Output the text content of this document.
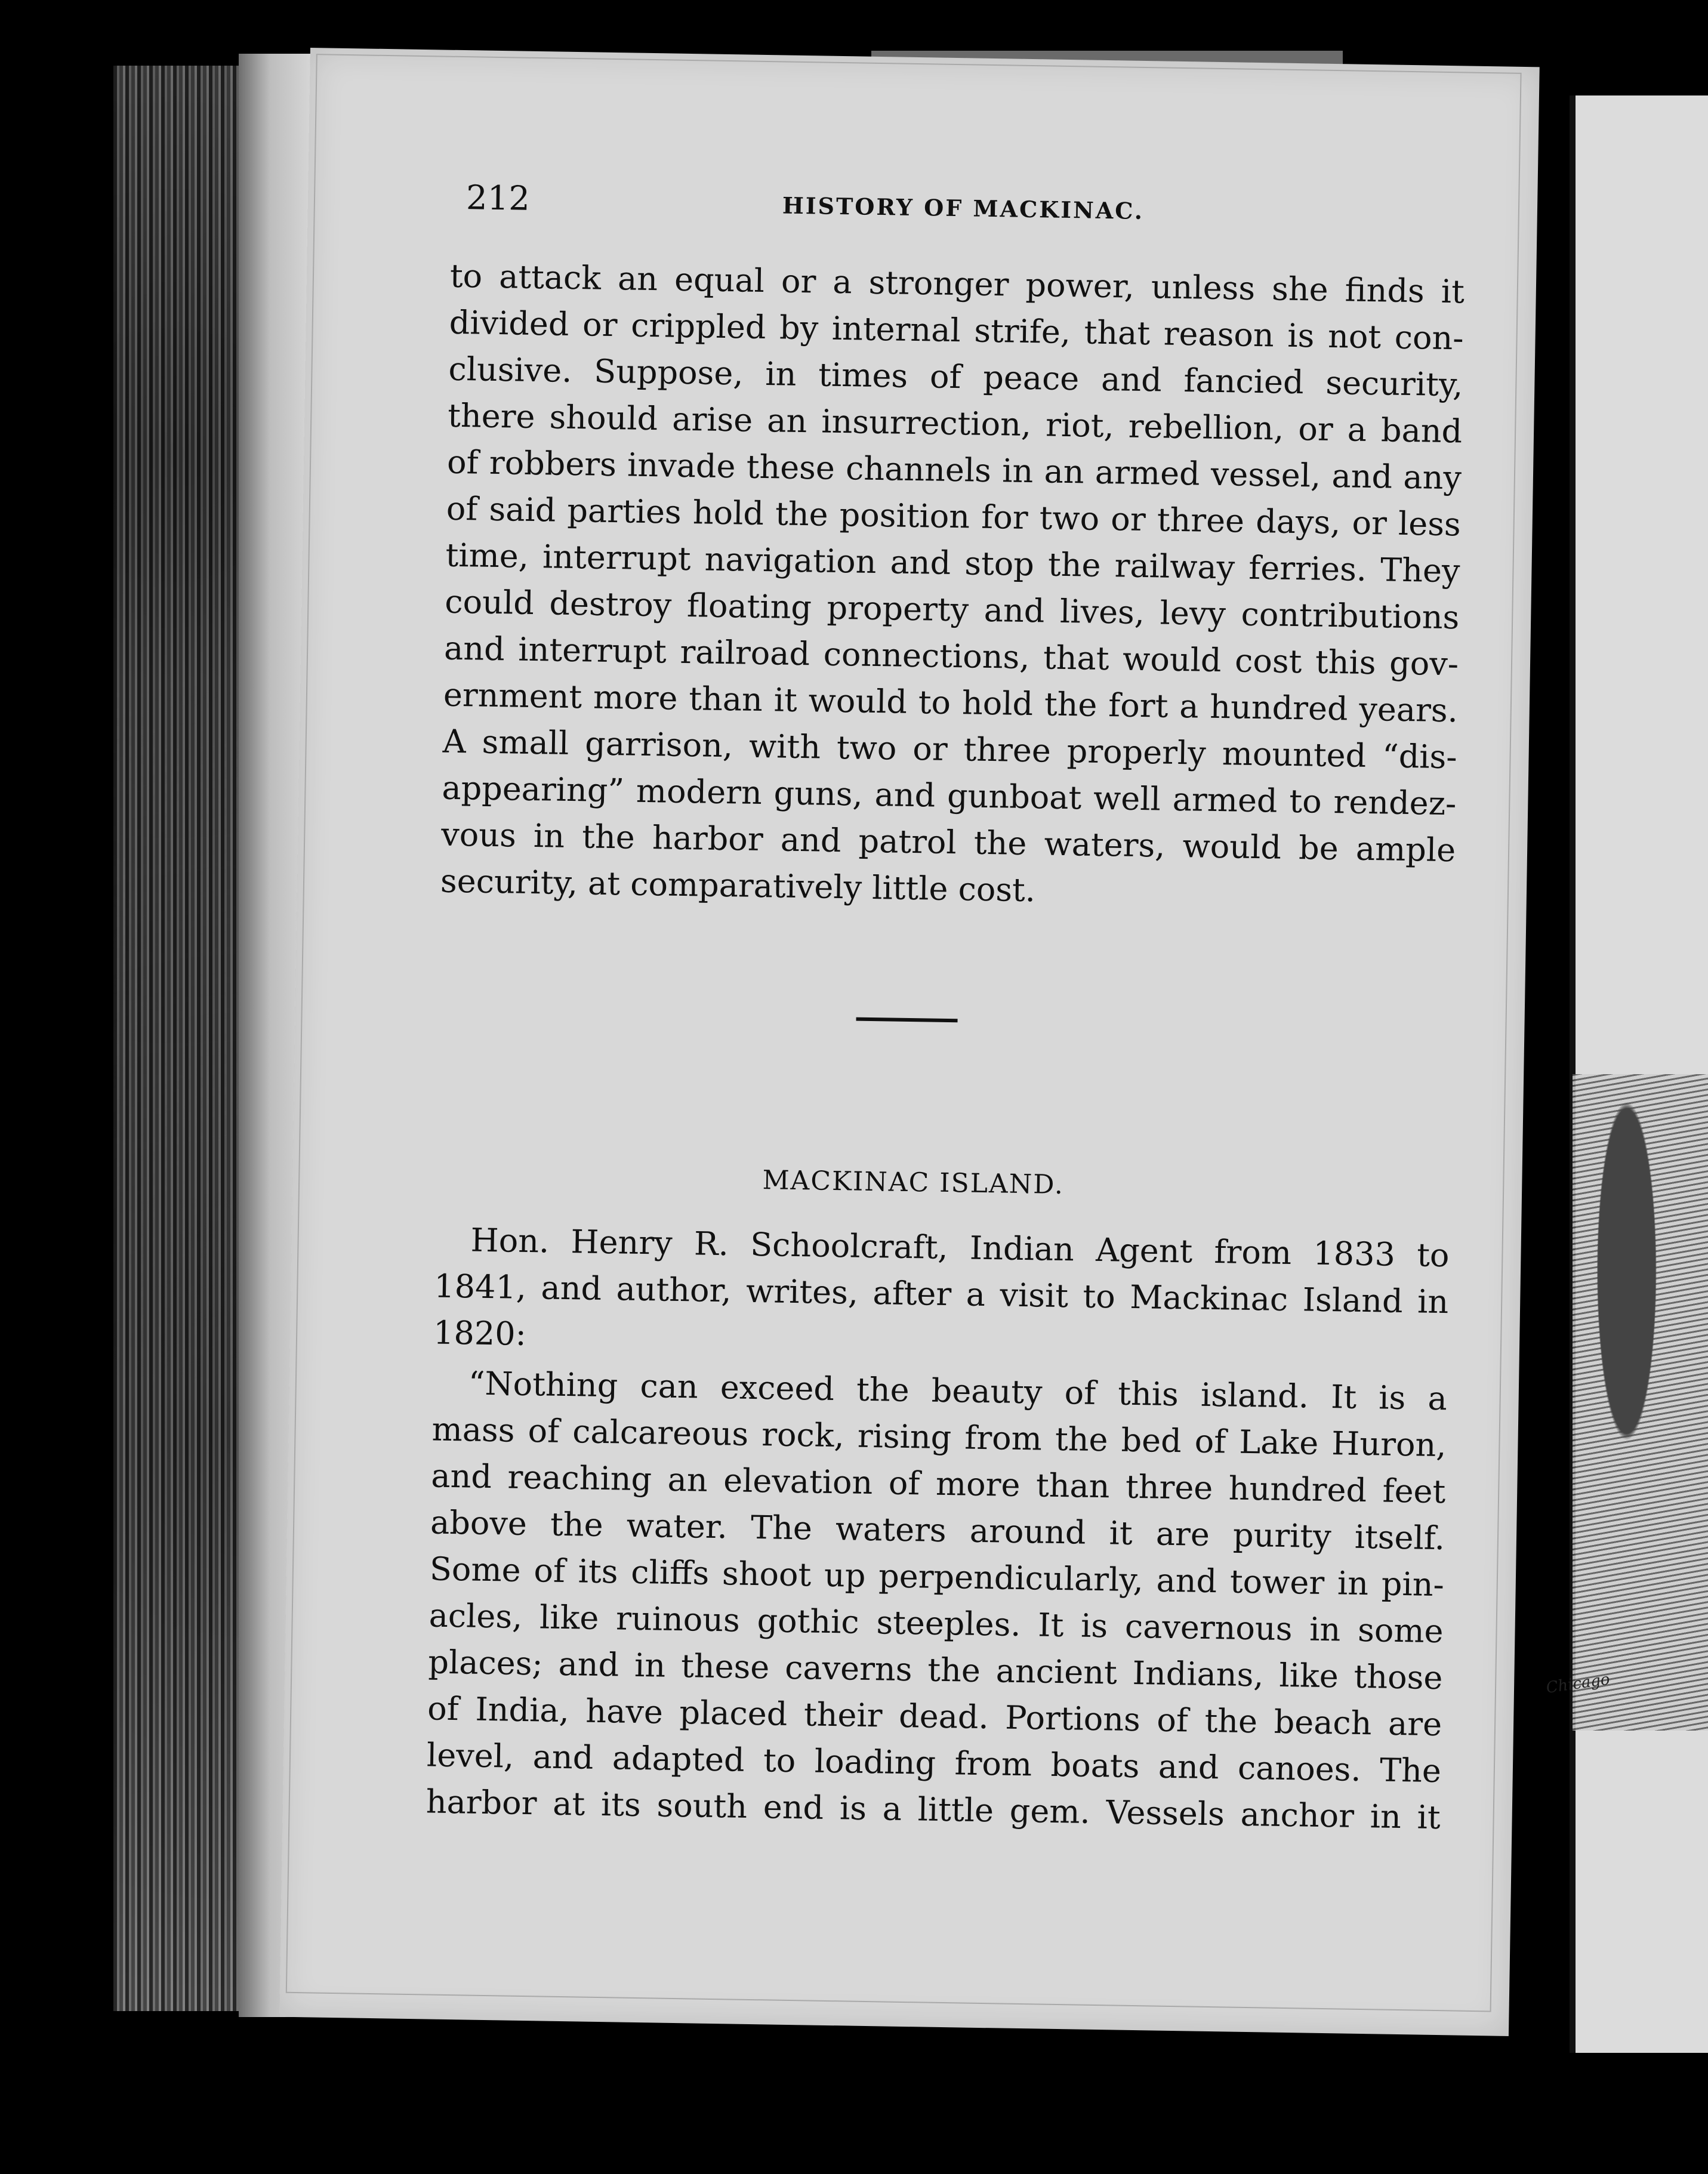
Chicago
212	HISTORY OF MACKINAC.
to attack an equal or a stronger power, unless she finds it
divided or crippled by internal strife, that reason is not con-
clusive. Suppose, in times of peace and fancied security,
there should arise an insurrection, riot, rebellion, or a band
of robbers invade these channels in an armed vessel, and any
of said parties hold the position for two or three days, or less
time, interrupt navigation and stop the railway ferries. They
could destroy floating property and lives, levy contributions
and interrupt railroad connections, that would cost this gov-
ernment more than it would to hold the fort a hundred years.
A small garrison, with two or three properly mounted “dis-
appearing” modern guns, and gunboat well armed to rendez-
vous in the harbor and patrol the waters, would be ample
security, at comparatively little cost.
MACKINAC ISLAND.
Hon. Henry R. Schoolcraft, Indian Agent from 1833 to
1841, and author, writes, after a visit to Mackinac Island in
1820:
“Nothing can exceed the beauty of this island. It is a
mass of calcareous rock, rising from the bed of Lake Huron,
and reaching an elevation of more than three hundred feet
above the water. The waters around it are purity itself.
Some of its cliffs shoot up perpendicularly, and tower in pin-
acles, like ruinous gothic steeples. It is cavernous in some
places; and in these caverns the ancient Indians, like those
of India, have placed their dead. Portions of the beach are
level, and adapted to loading from boats and canoes. The
harbor at its south end is a little gem. Vessels anchor in it
